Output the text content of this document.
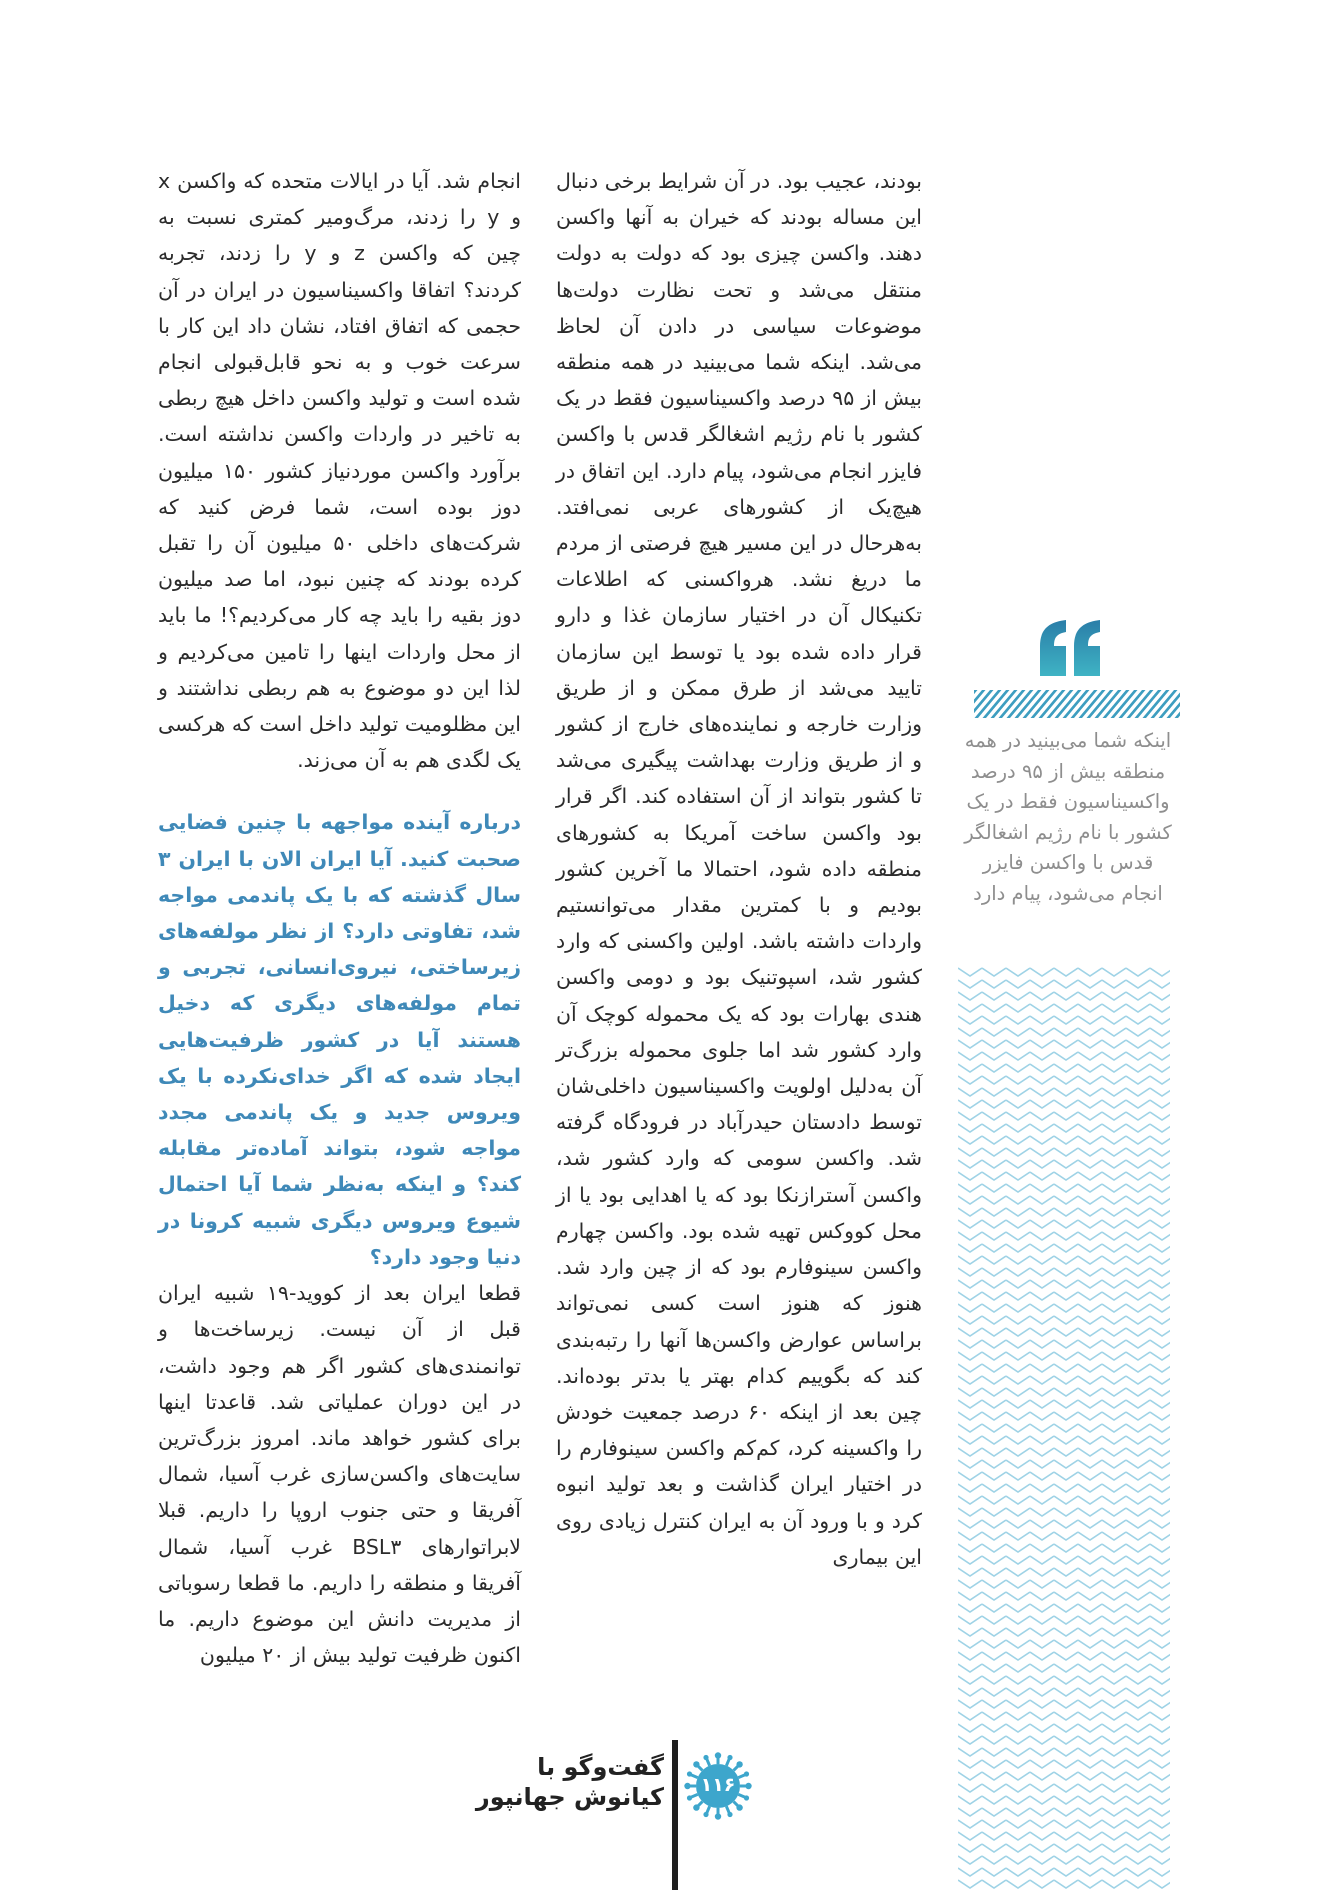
بودند، عجیب بود. در آن شرایط برخی دنبال این مساله بودند که خیران به آنها واکسن دهند. واکسن چیزی بود که دولت به دولت منتقل می‌شد و تحت نظارت دولت‌ها موضوعات سیاسی در دادن آن لحاظ می‌شد. اینکه شما می‌بینید در همه منطقه بیش از ۹۵ درصد واکسیناسیون فقط در یک کشور با نام رژیم اشغالگر قدس با واکسن فایزر انجام می‌شود، پیام دارد. این اتفاق در هیچ‌یک از کشورهای عربی نمی‌افتد. به‌هرحال در این مسیر هیچ فرصتی از مردم ما دریغ نشد. هرواکسنی که اطلاعات تکنیکال آن در اختیار سازمان غذا و دارو قرار داده شده بود یا توسط این سازمان تایید می‌شد از طرق ممکن و از طریق وزارت خارجه و نماینده‌های خارج از کشور و از طریق وزارت بهداشت پیگیری می‌شد تا کشور بتواند از آن استفاده کند. اگر قرار بود واکسن ساخت آمریکا به کشورهای منطقه داده شود، احتمالا ما آخرین کشور بودیم و با کمترین مقدار می‌توانستیم واردات داشته باشد. اولین واکسنی که وارد کشور شد، اسپوتنیک بود و دومی واکسن هندی بهارات بود که یک محموله کوچک آن وارد کشور شد اما جلوی محموله بزرگ‌تر آن به‌دلیل اولویت واکسیناسیون داخلی‌شان توسط دادستان حیدرآباد در فرودگاه گرفته شد. واکسن سومی که وارد کشور شد، واکسن آسترازنکا بود که یا اهدایی بود یا از محل کووکس تهیه شده بود. واکسن چهارم واکسن سینوفارم بود که از چین وارد شد. هنوز که هنوز است کسی نمی‌تواند براساس عوارض واکسن‌ها آنها را رتبه‌بندی کند که بگوییم کدام بهتر یا بدتر بوده‌اند. چین بعد از اینکه ۶۰ درصد جمعیت خودش را واکسینه کرد، کم‌کم واکسن سینوفارم را در اختیار ایران گذاشت و بعد تولید انبوه کرد و با ورود آن به ایران کنترل زیادی روی این بیماری

انجام شد. آیا در ایالات متحده که واکسن x و y را زدند، مرگ‌ومیر کمتری نسبت به چین که واکسن z و y را زدند، تجربه کردند؟ اتفاقا واکسیناسیون در ایران در آن حجمی که اتفاق افتاد، نشان داد این کار با سرعت خوب و به نحو قابل‌قبولی انجام شده است و تولید واکسن داخل هیچ ربطی به تاخیر در واردات واکسن نداشته است. برآورد واکسن موردنیاز کشور ۱۵۰ میلیون دوز بوده است، شما فرض کنید که شرکت‌های داخلی ۵۰ میلیون آن را تقبل کرده بودند که چنین نبود، اما صد میلیون دوز بقیه را باید چه کار می‌کردیم؟! ما باید از محل واردات اینها را تامین می‌کردیم و لذا این دو موضوع به هم ربطی نداشتند و این مظلومیت تولید داخل است که هرکسی یک لگدی هم به آن می‌زند.

درباره آینده مواجهه با چنین فضایی صحبت کنید. آیا ایران الان با ایران ۳ سال گذشته که با یک پاندمی مواجه شد، تفاوتی دارد؟ از نظر مولفه‌های زیرساختی، نیروی‌انسانی، تجربی و تمام مولفه‌های دیگری که دخیل هستند آیا در کشور ظرفیت‌هایی ایجاد شده که اگر خدای‌نکرده با یک ویروس جدید و یک پاندمی مجدد مواجه شود، بتواند آماده‌تر مقابله کند؟ و اینکه به‌نظر شما آیا احتمال شیوع ویروس دیگری شبیه کرونا در دنیا وجود دارد؟

قطعا ایران بعد از کووید-۱۹ شبیه ایران قبل از آن نیست. زیرساخت‌ها و توانمندی‌های کشور اگر هم وجود داشت، در این دوران عملیاتی شد. قاعدتا اینها برای کشور خواهد ماند. امروز بزرگ‌ترین سایت‌های واکسن‌سازی غرب آسیا، شمال آفریقا و حتی جنوب اروپا را داریم. قبلا لابراتوارهای BSL۳ غرب آسیا، شمال آفریقا و منطقه را داریم. ما قطعا رسوباتی از مدیریت دانش این موضوع داریم. ما اکنون ظرفیت تولید بیش از ۲۰ میلیون

اینکه شما می‌بینید در همه منطقه بیش از ۹۵ درصد واکسیناسیون فقط در یک کشور با نام رژیم اشغالگر قدس با واکسن فایزر انجام می‌شود، پیام دارد
۱۱۶
گفت‌وگو با
کیانوش جهانپور
